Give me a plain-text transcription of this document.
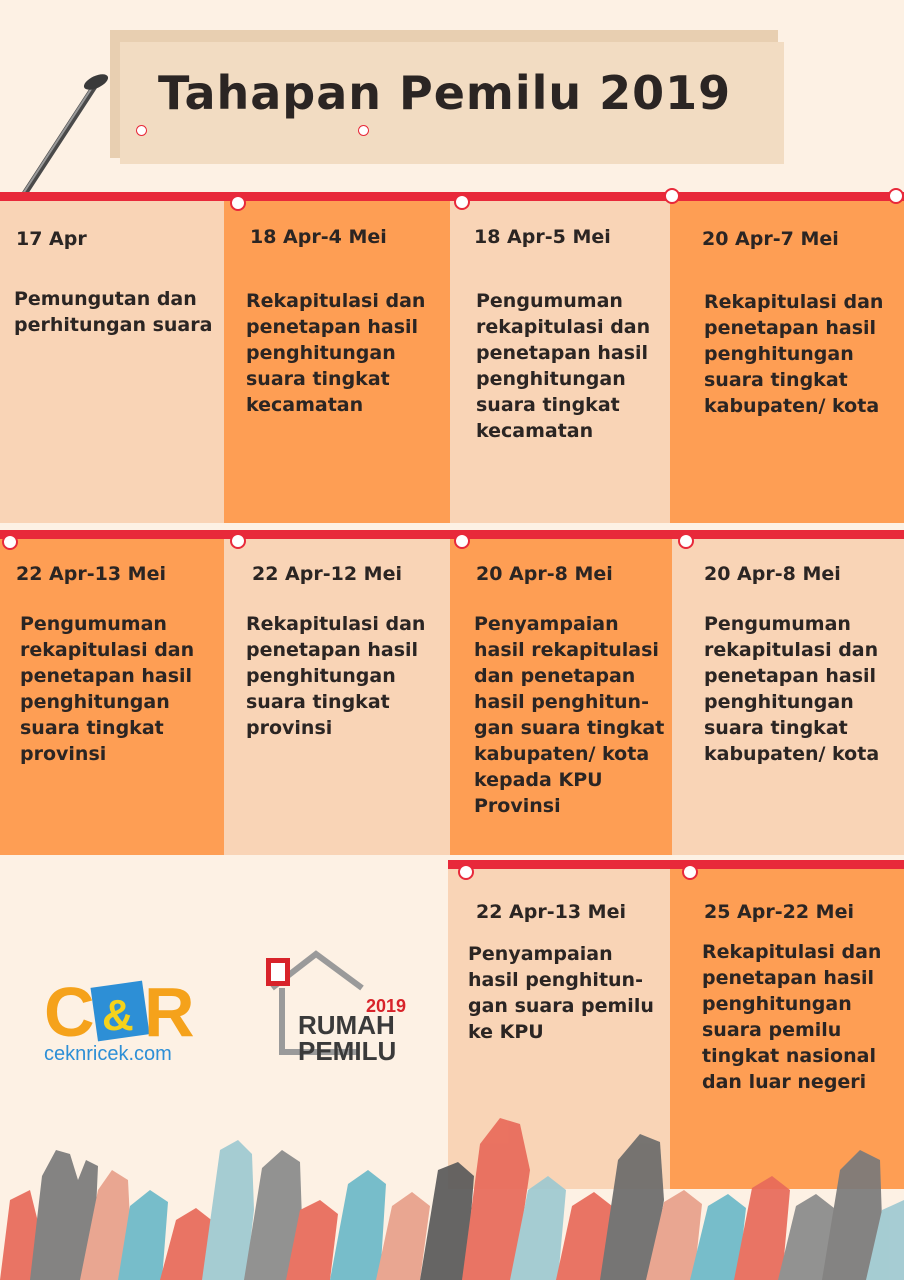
Tahapan Pemilu 2019
17 Apr
Pemungutan dan
perhitungan suara
18 Apr-4 Mei
Rekapitulasi dan
penetapan hasil
penghitungan
suara tingkat
kecamatan
18 Apr-5 Mei
Pengumuman
rekapitulasi dan
penetapan hasil
penghitungan
suara tingkat
kecamatan
20 Apr-7 Mei
Rekapitulasi dan
penetapan hasil
penghitungan
suara tingkat
kabupaten/ kota
22 Apr-13 Mei
Pengumuman
rekapitulasi dan
penetapan hasil
penghitungan
suara tingkat
provinsi
22 Apr-12 Mei
Rekapitulasi dan
penetapan hasil
penghitungan
suara tingkat
provinsi
20 Apr-8 Mei
Penyampaian
hasil rekapitulasi
dan penetapan
hasil penghitun-
gan suara tingkat
kabupaten/ kota
kepada KPU
Provinsi
20 Apr-8 Mei
Pengumuman
rekapitulasi dan
penetapan hasil
penghitungan
suara tingkat
kabupaten/ kota
22 Apr-13 Mei
Penyampaian
hasil penghitun-
gan suara pemilu
ke KPU
25 Apr-22 Mei
Rekapitulasi dan
penetapan hasil
penghitungan
suara pemilu
tingkat nasional
dan luar negeri
C & R
ceknricek.com
2019
RUMAH
PEMILU
